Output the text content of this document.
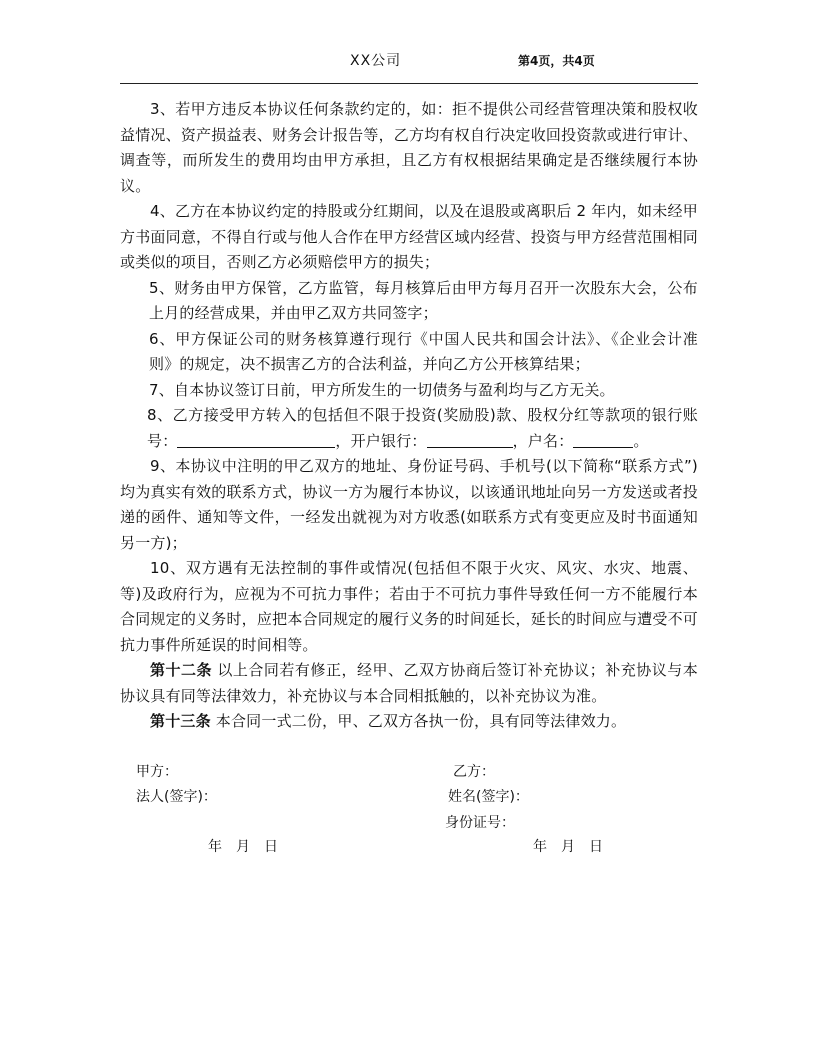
XX公司	第4页，共4页

3、若甲方违反本协议任何条款约定的，如：拒不提供公司经营管理决策和股权收益情况、资产损益表、财务会计报告等，乙方均有权自行决定收回投资款或进行审计、调查等，而所发生的费用均由甲方承担，且乙方有权根据结果确定是否继续履行本协议。

4、乙方在本协议约定的持股或分红期间，以及在退股或离职后 2 年内，如未经甲方书面同意，不得自行或与他人合作在甲方经营区域内经营、投资与甲方经营范围相同或类似的项目，否则乙方必须赔偿甲方的损失；

5、财务由甲方保管，乙方监管，每月核算后由甲方每月召开一次股东大会，公布上月的经营成果，并由甲乙双方共同签字；

6、甲方保证公司的财务核算遵行现行《中国人民共和国会计法》、《企业会计准则》的规定，决不损害乙方的合法利益，并向乙方公开核算结果；

7、自本协议签订日前，甲方所发生的一切债务与盈利均与乙方无关。

8、乙方接受甲方转入的包括但不限于投资(奖励股)款、股权分红等款项的银行账号：	，开户银行：	，户名：	。

9、本协议中注明的甲乙双方的地址、身份证号码、手机号(以下简称“联系方式”)均为真实有效的联系方式，协议一方为履行本协议，以该通讯地址向另一方发送或者投递的函件、通知等文件，一经发出就视为对方收悉(如联系方式有变更应及时书面通知另一方)；

10、双方遇有无法控制的事件或情况(包括但不限于火灾、风灾、水灾、地震、等)及政府行为，应视为不可抗力事件；若由于不可抗力事件导致任何一方不能履行本合同规定的义务时，应把本合同规定的履行义务的时间延长，延长的时间应与遭受不可抗力事件所延误的时间相等。

第十二条 以上合同若有修正，经甲、乙双方协商后签订补充协议；补充协议与本协议具有同等法律效力，补充协议与本合同相抵触的，以补充协议为准。

第十三条 本合同一式二份，甲、乙双方各执一份，具有同等法律效力。

甲方：
法人(签字)：
年　月　日
乙方：
姓名(签字)：
身份证号：
年　月　日
